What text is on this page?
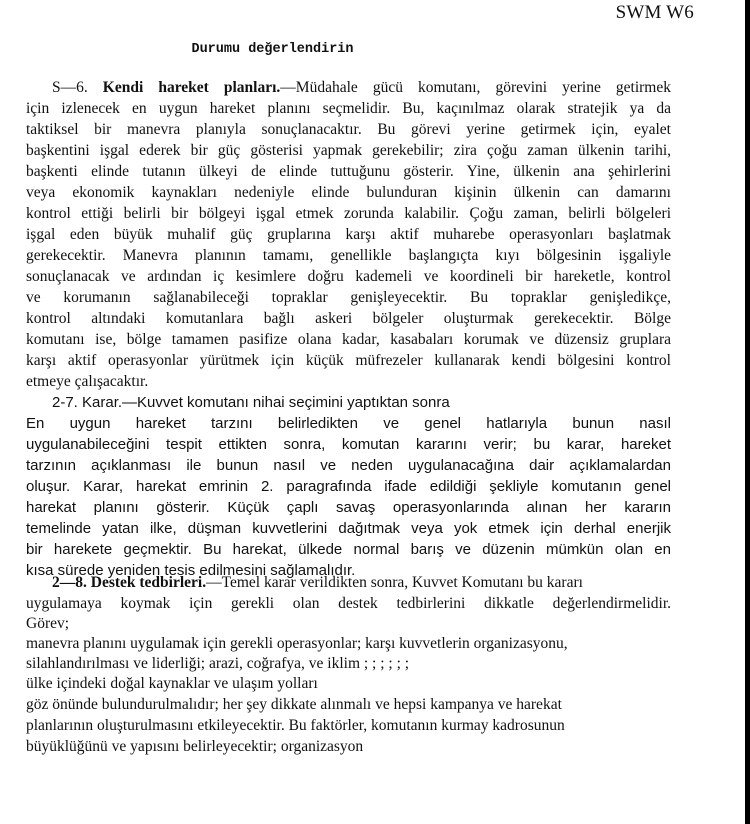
SWM W6
Durumu değerlendirin
S—6. Kendi hareket planları.—Müdahale gücü komutanı, görevini yerine getirmek
için izlenecek en uygun hareket planını seçmelidir. Bu, kaçınılmaz olarak stratejik ya da
taktiksel bir manevra planıyla sonuçlanacaktır. Bu görevi yerine getirmek için, eyalet
başkentini işgal ederek bir güç gösterisi yapmak gerekebilir; zira çoğu zaman ülkenin tarihi,
başkenti elinde tutanın ülkeyi de elinde tuttuğunu gösterir. Yine, ülkenin ana şehirlerini
veya ekonomik kaynakları nedeniyle elinde bulunduran kişinin ülkenin can damarını
kontrol ettiği belirli bir bölgeyi işgal etmek zorunda kalabilir. Çoğu zaman, belirli bölgeleri
işgal eden büyük muhalif güç gruplarına karşı aktif muharebe operasyonları başlatmak
gerekecektir. Manevra planının tamamı, genellikle başlangıçta kıyı bölgesinin işgaliyle
sonuçlanacak ve ardından iç kesimlere doğru kademeli ve koordineli bir hareketle, kontrol
ve korumanın sağlanabileceği topraklar genişleyecektir. Bu topraklar genişledikçe,
kontrol altındaki komutanlara bağlı askeri bölgeler oluşturmak gerekecektir. Bölge
komutanı ise, bölge tamamen pasifize olana kadar, kasabaları korumak ve düzensiz gruplara
karşı aktif operasyonlar yürütmek için küçük müfrezeler kullanarak kendi bölgesini kontrol
etmeye çalışacaktır.
2-7. Karar.—Kuvvet komutanı nihai seçimini yaptıktan sonra
En uygun hareket tarzını belirledikten ve genel hatlarıyla bunun nasıl
uygulanabileceğini tespit ettikten sonra, komutan kararını verir; bu karar, hareket
tarzının açıklanması ile bunun nasıl ve neden uygulanacağına dair açıklamalardan
oluşur. Karar, harekat emrinin 2. paragrafında ifade edildiği şekliyle komutanın genel
harekat planını gösterir. Küçük çaplı savaş operasyonlarında alınan her kararın
temelinde yatan ilke, düşman kuvvetlerini dağıtmak veya yok etmek için derhal enerjik
bir harekete geçmektir. Bu harekat, ülkede normal barış ve düzenin mümkün olan en
kısa sürede yeniden tesis edilmesini sağlamalıdır.
2—8. Destek tedbirleri.—Temel karar verildikten sonra, Kuvvet Komutanı bu kararı
uygulamaya koymak için gerekli olan destek tedbirlerini dikkatle değerlendirmelidir.
Görev;
manevra planını uygulamak için gerekli operasyonlar; karşı kuvvetlerin organizasyonu,
silahlandırılması ve liderliği; arazi, coğrafya, ve iklim ; ; ; ; ; ;
ülke içindeki doğal kaynaklar ve ulaşım yolları
göz önünde bulundurulmalıdır; her şey dikkate alınmalı ve hepsi kampanya ve harekat
planlarının oluşturulmasını etkileyecektir. Bu faktörler, komutanın kurmay kadrosunun
büyüklüğünü ve yapısını belirleyecektir; organizasyon
